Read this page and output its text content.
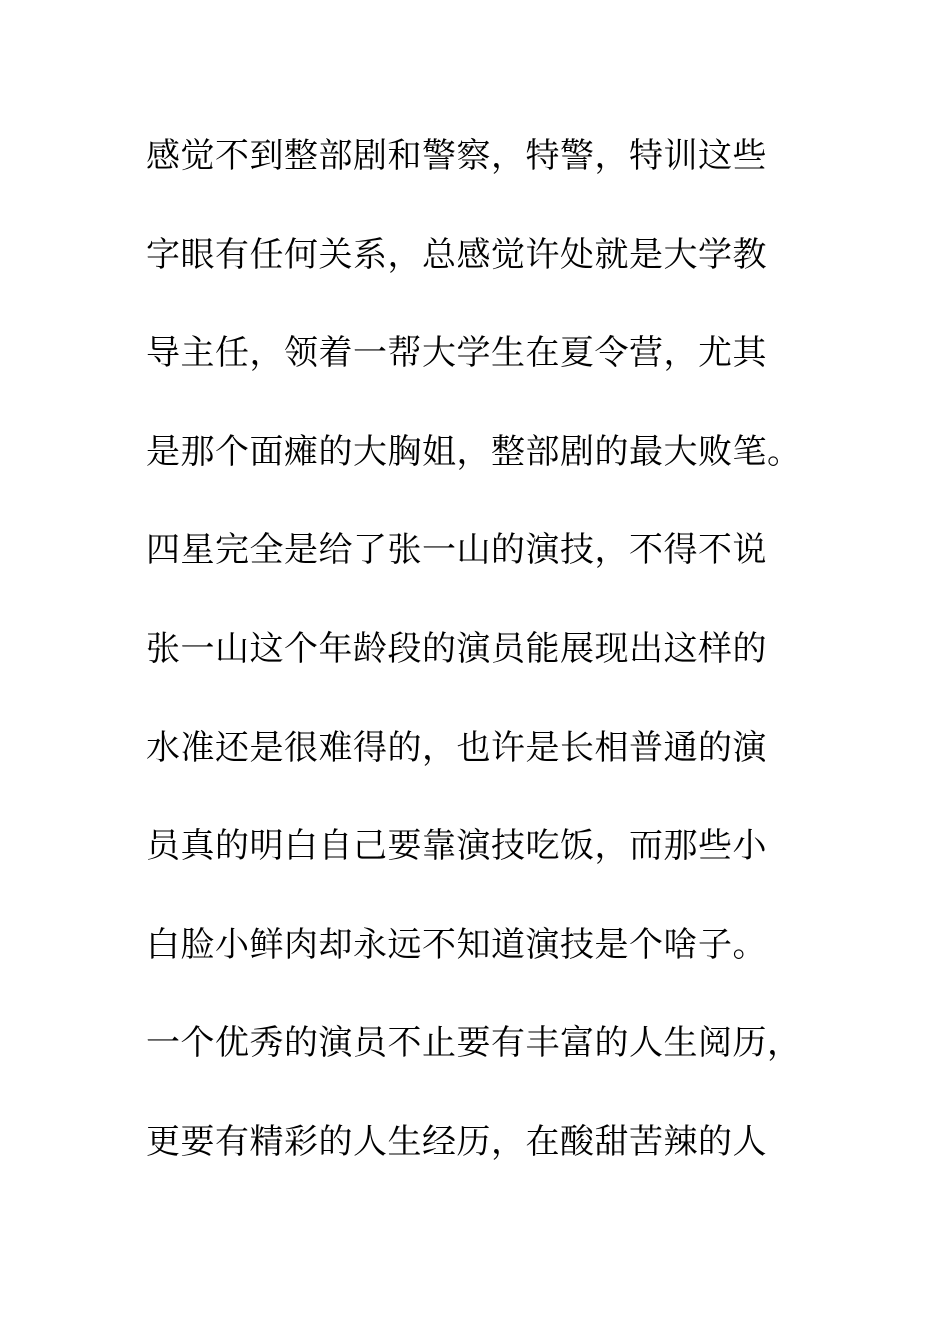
感觉不到整部剧和警察，特警，特训这些
字眼有任何关系，总感觉许处就是大学教
导主任，领着一帮大学生在夏令营，尤其
是那个面瘫的大胸姐，整部剧的最大败笔。
四星完全是给了张一山的演技，不得不说
张一山这个年龄段的演员能展现出这样的
水准还是很难得的，也许是长相普通的演
员真的明白自己要靠演技吃饭，而那些小
白脸小鲜肉却永远不知道演技是个啥子。
一个优秀的演员不止要有丰富的人生阅历，
更要有精彩的人生经历，在酸甜苦辣的人
